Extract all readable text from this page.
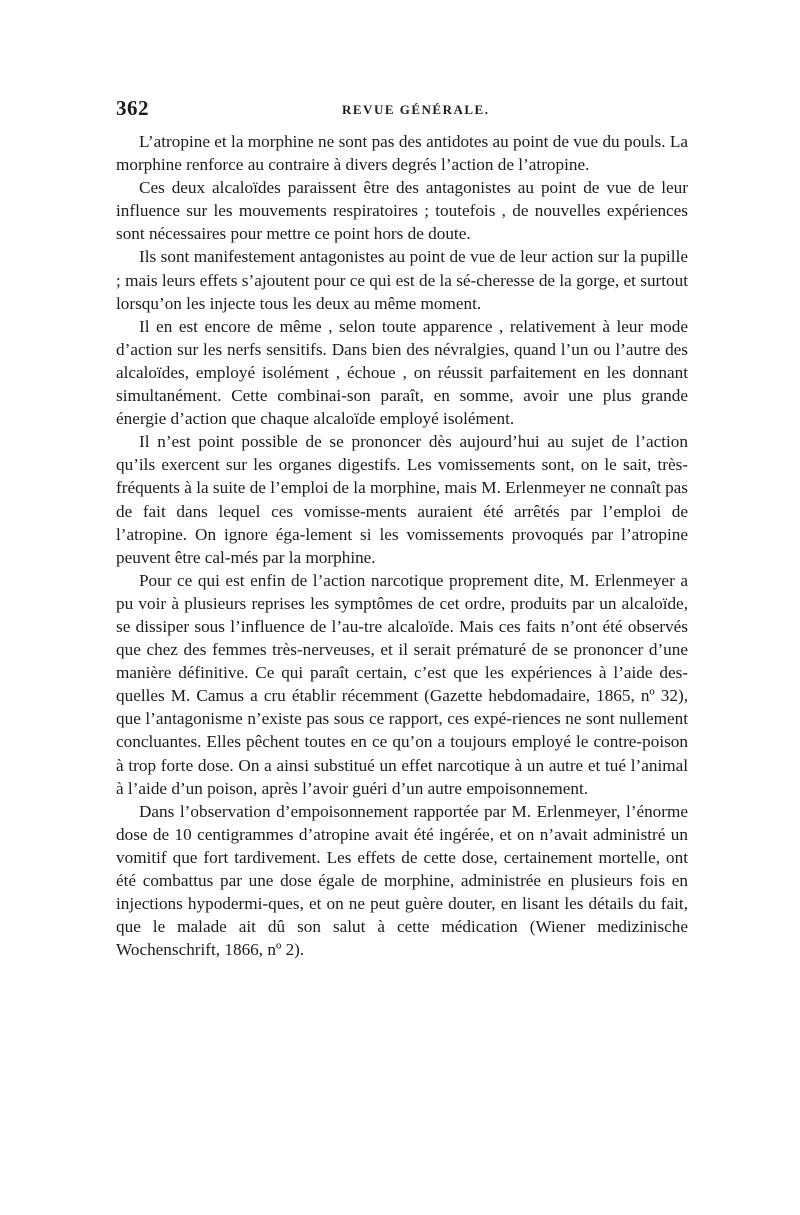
362	REVUE GÉNÉRALE.

L’atropine et la morphine ne sont pas des antidotes au point de vue du pouls. La morphine renforce au contraire à divers degrés l’action de l’atropine.

Ces deux alcaloïdes paraissent être des antagonistes au point de vue de leur influence sur les mouvements respiratoires ; toutefois , de nouvelles expériences sont nécessaires pour mettre ce point hors de doute.

Ils sont manifestement antagonistes au point de vue de leur action sur la pupille ; mais leurs effets s’ajoutent pour ce qui est de la sé-cheresse de la gorge, et surtout lorsqu’on les injecte tous les deux au même moment.

Il en est encore de même , selon toute apparence , relativement à leur mode d’action sur les nerfs sensitifs. Dans bien des névralgies, quand l’un ou l’autre des alcaloïdes, employé isolément , échoue , on réussit parfaitement en les donnant simultanément. Cette combinai-son paraît, en somme, avoir une plus grande énergie d’action que chaque alcaloïde employé isolément.

Il n’est point possible de se prononcer dès aujourd’hui au sujet de l’action qu’ils exercent sur les organes digestifs. Les vomissements sont, on le sait, très-fréquents à la suite de l’emploi de la morphine, mais M. Erlenmeyer ne connaît pas de fait dans lequel ces vomisse-ments auraient été arrêtés par l’emploi de l’atropine. On ignore éga-lement si les vomissements provoqués par l’atropine peuvent être cal-més par la morphine.

Pour ce qui est enfin de l’action narcotique proprement dite, M. Erlenmeyer a pu voir à plusieurs reprises les symptômes de cet ordre, produits par un alcaloïde, se dissiper sous l’influence de l’au-tre alcaloïde. Mais ces faits n’ont été observés que chez des femmes très-nerveuses, et il serait prématuré de se prononcer d’une manière définitive. Ce qui paraît certain, c’est que les expériences à l’aide des-quelles M. Camus a cru établir récemment (Gazette hebdomadaire, 1865, nº 32), que l’antagonisme n’existe pas sous ce rapport, ces expé-riences ne sont nullement concluantes. Elles pêchent toutes en ce qu’on a toujours employé le contre-poison à trop forte dose. On a ainsi substitué un effet narcotique à un autre et tué l’animal à l’aide d’un poison, après l’avoir guéri d’un autre empoisonnement.

Dans l’observation d’empoisonnement rapportée par M. Erlenmeyer, l’énorme dose de 10 centigrammes d’atropine avait été ingérée, et on n’avait administré un vomitif que fort tardivement. Les effets de cette dose, certainement mortelle, ont été combattus par une dose égale de morphine, administrée en plusieurs fois en injections hypodermi-ques, et on ne peut guère douter, en lisant les détails du fait, que le malade ait dû son salut à cette médication (Wiener medizinische Wochenschrift, 1866, nº 2).
